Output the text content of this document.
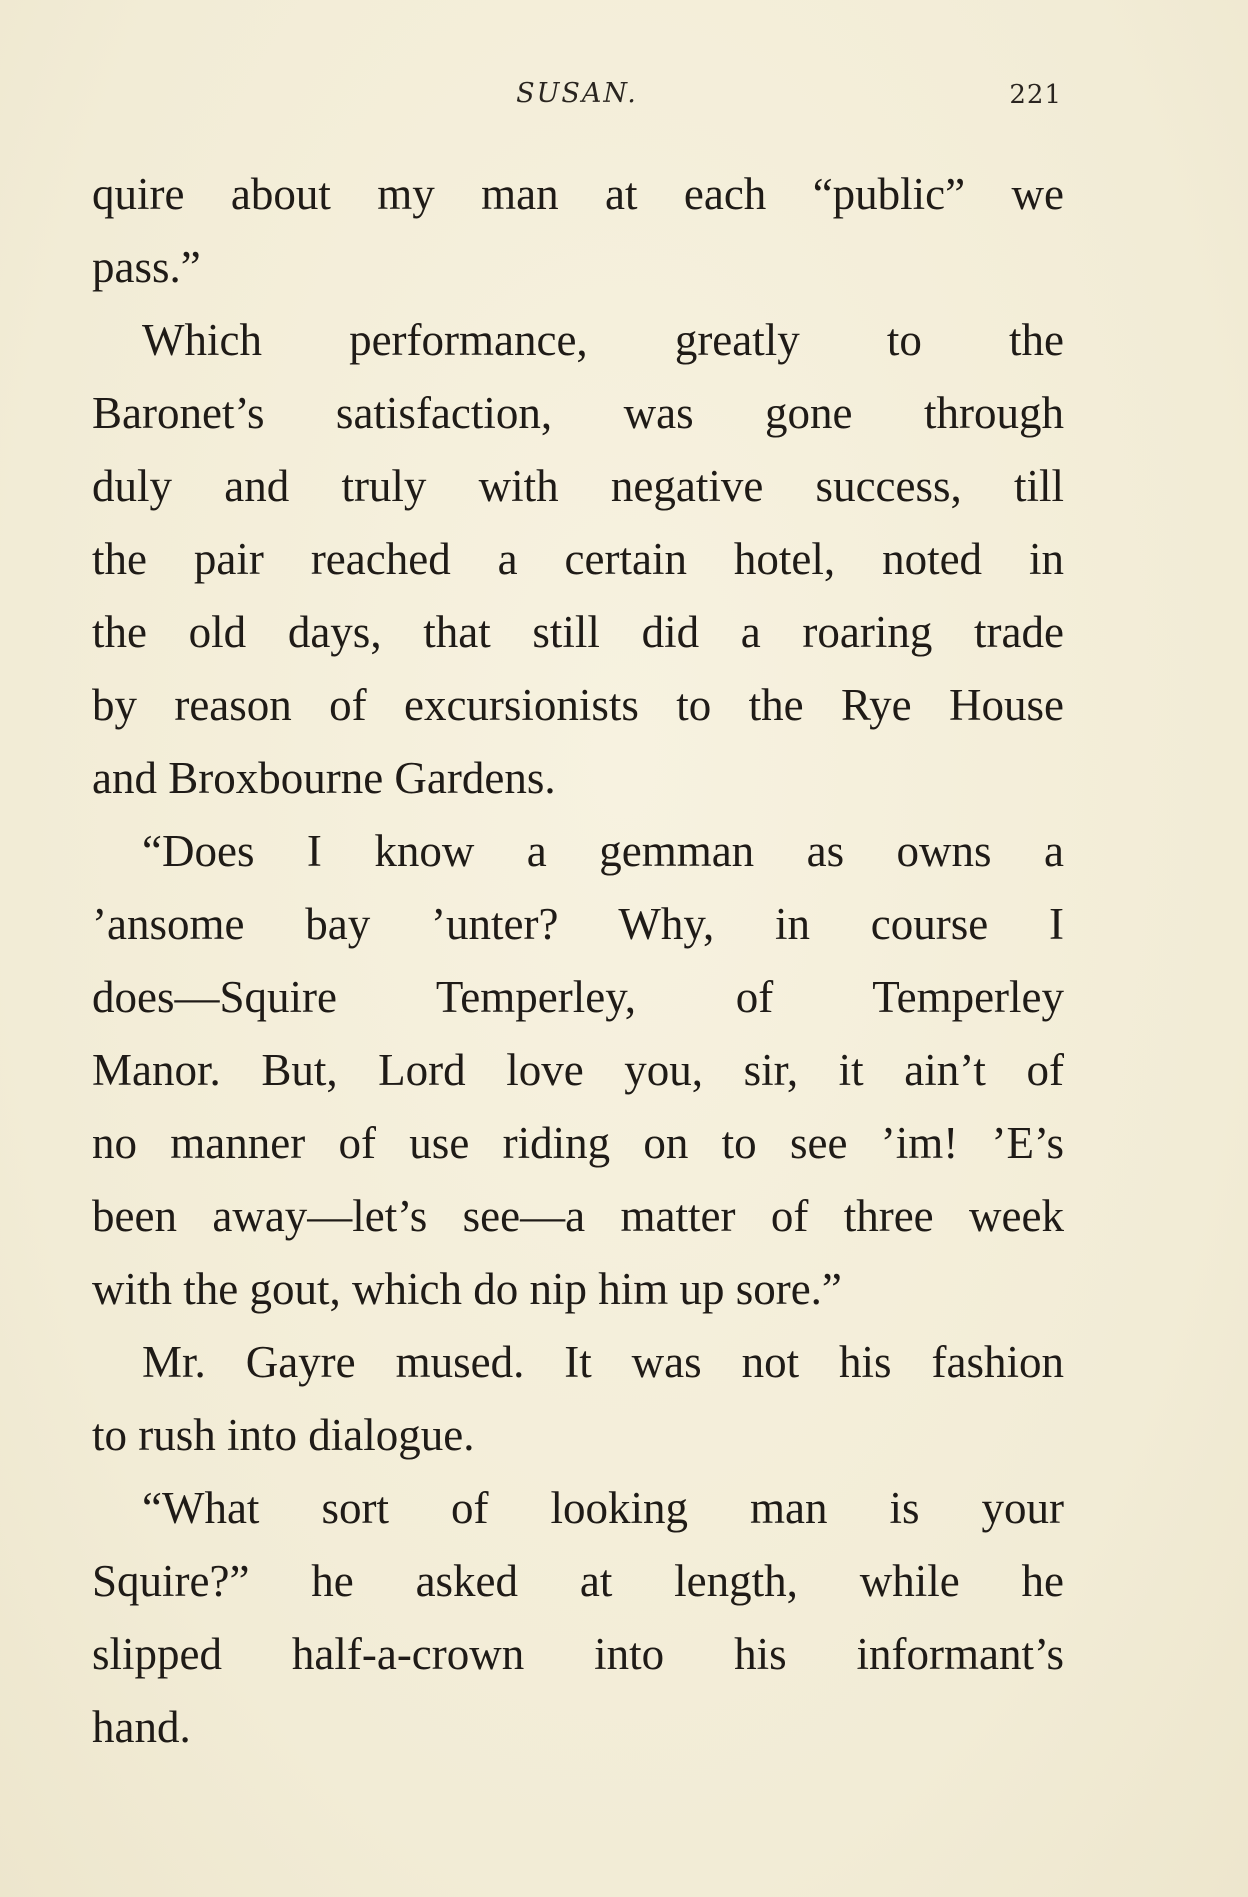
SUSAN.	221
quire about my man at each “public” we
pass.”
Which performance, greatly to the
Baronet’s satisfaction, was gone through
duly and truly with negative success, till
the pair reached a certain hotel, noted in
the old days, that still did a roaring trade
by reason of excursionists to the Rye House
and Broxbourne Gardens.
“Does I know a gemman as owns a
’ansome bay ’unter? Why, in course I
does—Squire Temperley, of Temperley
Manor. But, Lord love you, sir, it ain’t of
no manner of use riding on to see ’im! ’E’s
been away—let’s see—a matter of three week
with the gout, which do nip him up sore.”
Mr. Gayre mused. It was not his fashion
to rush into dialogue.
“What sort of looking man is your
Squire?” he asked at length, while he
slipped half-a-crown into his informant’s
hand.
